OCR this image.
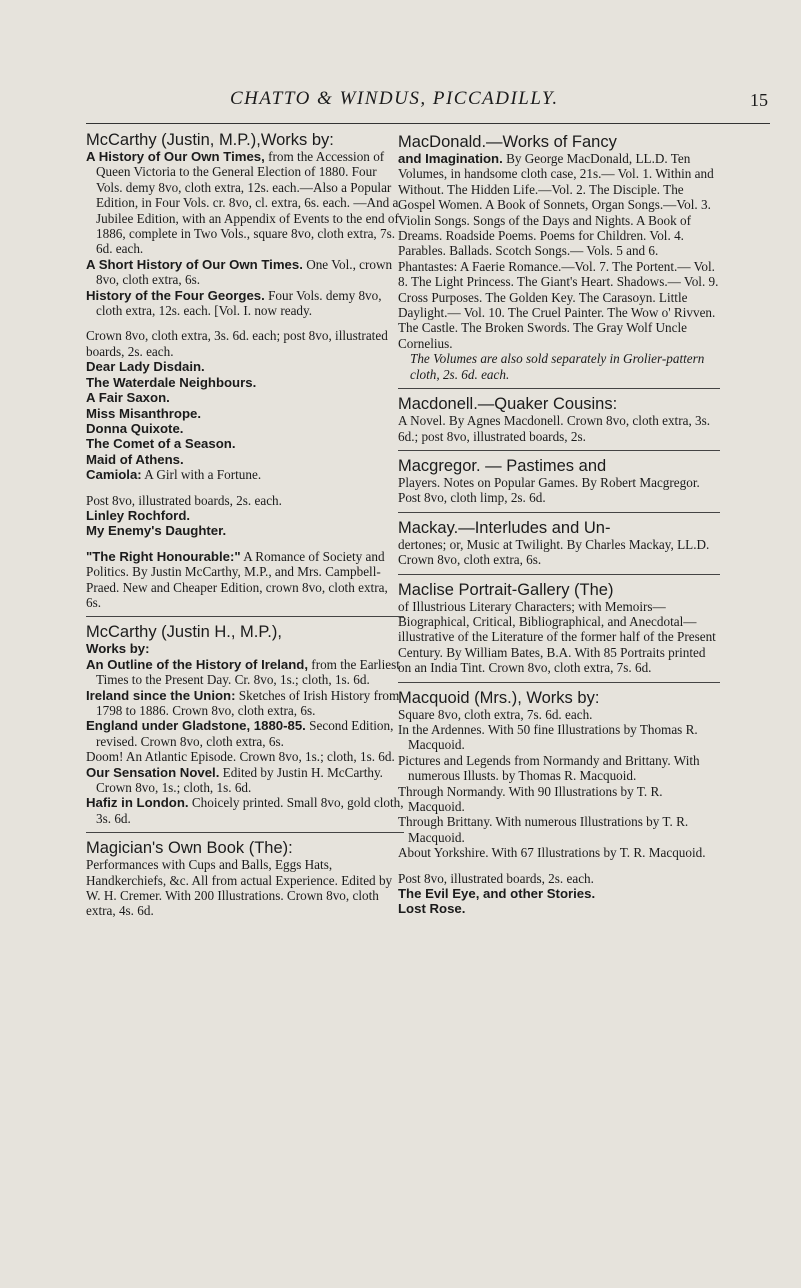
CHATTO & WINDUS, PICCADILLY.	15

McCarthy (Justin, M.P.),Works by:

A History of Our Own Times, from the Accession of Queen Victoria to the General Election of 1880. Four Vols. demy 8vo, cloth extra, 12s. each.—Also a Popular Edition, in Four Vols. cr. 8vo, cl. extra, 6s. each. —And a Jubilee Edition, with an Appendix of Events to the end of 1886, complete in Two Vols., square 8vo, cloth extra, 7s. 6d. each.

A Short History of Our Own Times. One Vol., crown 8vo, cloth extra, 6s.

History of the Four Georges. Four Vols. demy 8vo, cloth extra, 12s. each. [Vol. I. now ready.

Crown 8vo, cloth extra, 3s. 6d. each; post 8vo, illustrated boards, 2s. each.

Dear Lady Disdain.

The Waterdale Neighbours.

A Fair Saxon.

Miss Misanthrope.

Donna Quixote.

The Comet of a Season.

Maid of Athens.

Camiola: A Girl with a Fortune.

Post 8vo, illustrated boards, 2s. each.

Linley Rochford.

My Enemy's Daughter.

"The Right Honourable:" A Romance of Society and Politics. By Justin McCarthy, M.P., and Mrs. Campbell-Praed. New and Cheaper Edition, crown 8vo, cloth extra, 6s.

McCarthy (Justin H., M.P.),

Works by:

An Outline of the History of Ireland, from the Earliest Times to the Present Day. Cr. 8vo, 1s.; cloth, 1s. 6d.

Ireland since the Union: Sketches of Irish History from 1798 to 1886. Crown 8vo, cloth extra, 6s.

England under Gladstone, 1880-85. Second Edition, revised. Crown 8vo, cloth extra, 6s.

Doom! An Atlantic Episode. Crown 8vo, 1s.; cloth, 1s. 6d.

Our Sensation Novel. Edited by Justin H. McCarthy. Crown 8vo, 1s.; cloth, 1s. 6d.

Hafiz in London. Choicely printed. Small 8vo, gold cloth, 3s. 6d.

Magician's Own Book (The):

Performances with Cups and Balls, Eggs Hats, Handkerchiefs, &c. All from actual Experience. Edited by W. H. Cremer. With 200 Illustrations. Crown 8vo, cloth extra, 4s. 6d.

MacDonald.—Works of Fancy

and Imagination. By George MacDonald, LL.D. Ten Volumes, in handsome cloth case, 21s.— Vol. 1. Within and Without. The Hidden Life.—Vol. 2. The Disciple. The Gospel Women. A Book of Sonnets, Organ Songs.—Vol. 3. Violin Songs. Songs of the Days and Nights. A Book of Dreams. Roadside Poems. Poems for Children. Vol. 4. Parables. Ballads. Scotch Songs.— Vols. 5 and 6. Phantastes: A Faerie Romance.—Vol. 7. The Portent.— Vol. 8. The Light Princess. The Giant's Heart. Shadows.— Vol. 9. Cross Purposes. The Golden Key. The Carasoyn. Little Daylight.— Vol. 10. The Cruel Painter. The Wow o' Rivven. The Castle. The Broken Swords. The Gray Wolf Uncle Cornelius.

The Volumes are also sold separately in Grolier-pattern cloth, 2s. 6d. each.

Macdonell.—Quaker Cousins:

A Novel. By Agnes Macdonell. Crown 8vo, cloth extra, 3s. 6d.; post 8vo, illustrated boards, 2s.

Macgregor. — Pastimes and

Players. Notes on Popular Games. By Robert Macgregor. Post 8vo, cloth limp, 2s. 6d.

Mackay.—Interludes and Un-

dertones; or, Music at Twilight. By Charles Mackay, LL.D. Crown 8vo, cloth extra, 6s.

Maclise Portrait-Gallery (The)

of Illustrious Literary Characters; with Memoirs—Biographical, Critical, Bibliographical, and Anecdotal—illustrative of the Literature of the former half of the Present Century. By William Bates, B.A. With 85 Portraits printed on an India Tint. Crown 8vo, cloth extra, 7s. 6d.

Macquoid (Mrs.), Works by:

Square 8vo, cloth extra, 7s. 6d. each.

In the Ardennes. With 50 fine Illustrations by Thomas R. Macquoid.

Pictures and Legends from Normandy and Brittany. With numerous Illusts. by Thomas R. Macquoid.

Through Normandy. With 90 Illustrations by T. R. Macquoid.

Through Brittany. With numerous Illustrations by T. R. Macquoid.

About Yorkshire. With 67 Illustrations by T. R. Macquoid.

Post 8vo, illustrated boards, 2s. each.

The Evil Eye, and other Stories.

Lost Rose.
